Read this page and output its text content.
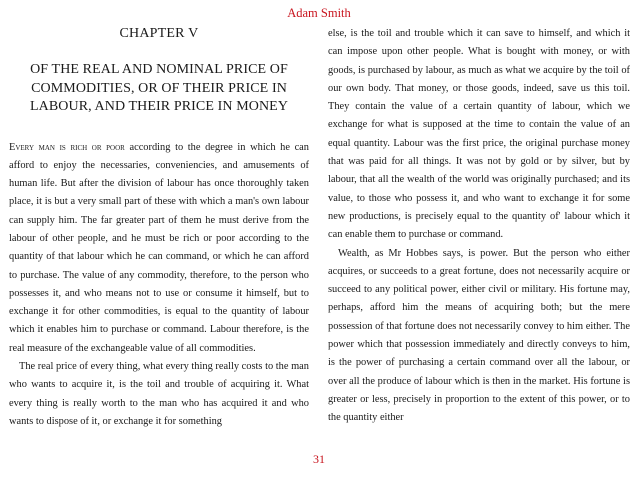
Adam Smith
CHAPTER V
OF THE REAL AND NOMINAL PRICE OF COMMODITIES, OR OF THEIR PRICE IN LABOUR, AND THEIR PRICE IN MONEY

Every man is rich or poor according to the degree in which he can afford to enjoy the necessaries, conveniencies, and amusements of human life. But after the division of labour has once thoroughly taken place, it is but a very small part of these with which a man's own labour can supply him. The far greater part of them he must derive from the labour of other people, and he must be rich or poor according to the quantity of that labour which he can command, or which he can afford to purchase. The value of any commodity, therefore, to the person who possesses it, and who means not to use or consume it himself, but to exchange it for other commodities, is equal to the quantity of labour which it enables him to purchase or command. Labour therefore, is the real measure of the exchangeable value of all commodities.

The real price of every thing, what every thing really costs to the man who wants to acquire it, is the toil and trouble of acquiring it. What every thing is really worth to the man who has acquired it and who wants to dispose of it, or exchange it for something

else, is the toil and trouble which it can save to himself, and which it can impose upon other people. What is bought with money, or with goods, is purchased by labour, as much as what we acquire by the toil of our own body. That money, or those goods, indeed, save us this toil. They contain the value of a certain quantity of labour, which we exchange for what is supposed at the time to contain the value of an equal quantity. Labour was the first price, the original purchase money that was paid for all things. It was not by gold or by silver, but by labour, that all the wealth of the world was originally purchased; and its value, to those who possess it, and who want to exchange it for some new productions, is precisely equal to the quantity of' labour which it can enable them to purchase or command.

Wealth, as Mr Hobbes says, is power. But the person who either acquires, or succeeds to a great fortune, does not necessarily acquire or succeed to any political power, either civil or military. His fortune may, perhaps, afford him the means of acquiring both; but the mere possession of that fortune does not necessarily convey to him either. The power which that possession immediately and directly conveys to him, is the power of purchasing a certain command over all the labour, or over all the produce of labour which is then in the market. His fortune is greater or less, precisely in proportion to the extent of this power, or to the quantity either

31
